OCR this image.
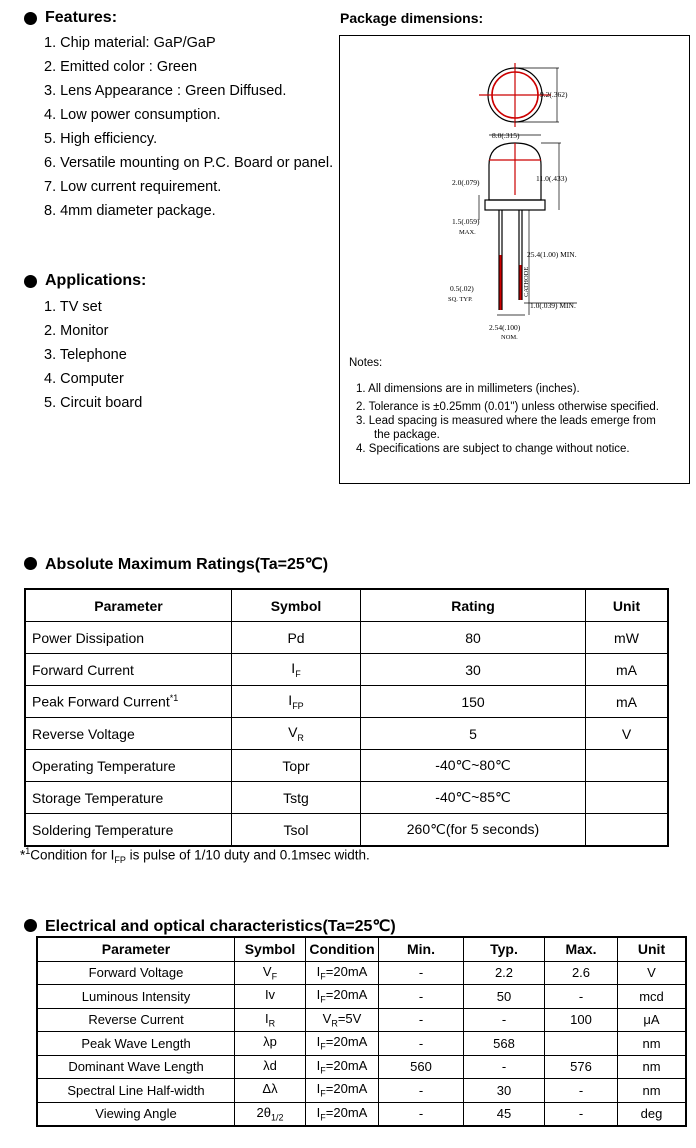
Features:
1. Chip material: GaP/GaP
2. Emitted color : Green
3. Lens Appearance : Green Diffused.
4. Low power consumption.
5. High efficiency.
6. Versatile mounting on P.C. Board or panel.
7. Low current requirement.
8. 4mm diameter package.
Applications:
1. TV set
2. Monitor
3. Telephone
4. Computer
5. Circuit board
Package dimensions:
9.2(.362)
8.0(.315)
11.0(.433)
2.0(.079)
1.5(.059)
MAX.
CATHODE
25.4(1.00) MIN.
0.5(.02)
SQ. TYP.
1.0(.039) MIN.
2.54(.100)
NOM.
Notes:
1. All dimensions are in millimeters (inches).
2. Tolerance is ±0.25mm (0.01") unless otherwise specified.
3. Lead spacing is measured where the leads emerge from
the package.
4. Specifications are subject to change without notice.
Absolute Maximum Ratings(Ta=25℃)
Parameter	Symbol	Rating	Unit
Power Dissipation	Pd	80	mW
Forward Current	$I_F$	30	mA
Peak Forward Current$^{*1}$	$I_{FP}$	150	mA
Reverse Voltage	$V_R$	5	V
Operating Temperature	Topr	-40℃~80℃	
Storage Temperature	Tstg	-40℃~85℃	
Soldering Temperature	Tsol	260℃(for 5 seconds)	
*$^1$Condition for $I_{FP}$ is pulse of 1/10 duty and 0.1msec width.
Electrical and optical characteristics(Ta=25℃)
Parameter	Symbol	Condition	Min.	Typ.	Max.	Unit
Forward Voltage	$V_F$	$I_F=20mA$	-	2.2	2.6	V
Luminous Intensity	Iv	$I_F=20mA$	-	50	-	mcd
Reverse Current	$I_R$	$V_R=5V$	-	-	100	μA
Peak Wave Length	λp	$I_F=20mA$	-	568		nm
Dominant Wave Length	λd	$I_F=20mA$	560	-	576	nm
Spectral Line Half-width	Δλ	$I_F=20mA$	-	30	-	nm
Viewing Angle	$2\theta_{1/2}$	$I_F=20mA$	-	45	-	deg
